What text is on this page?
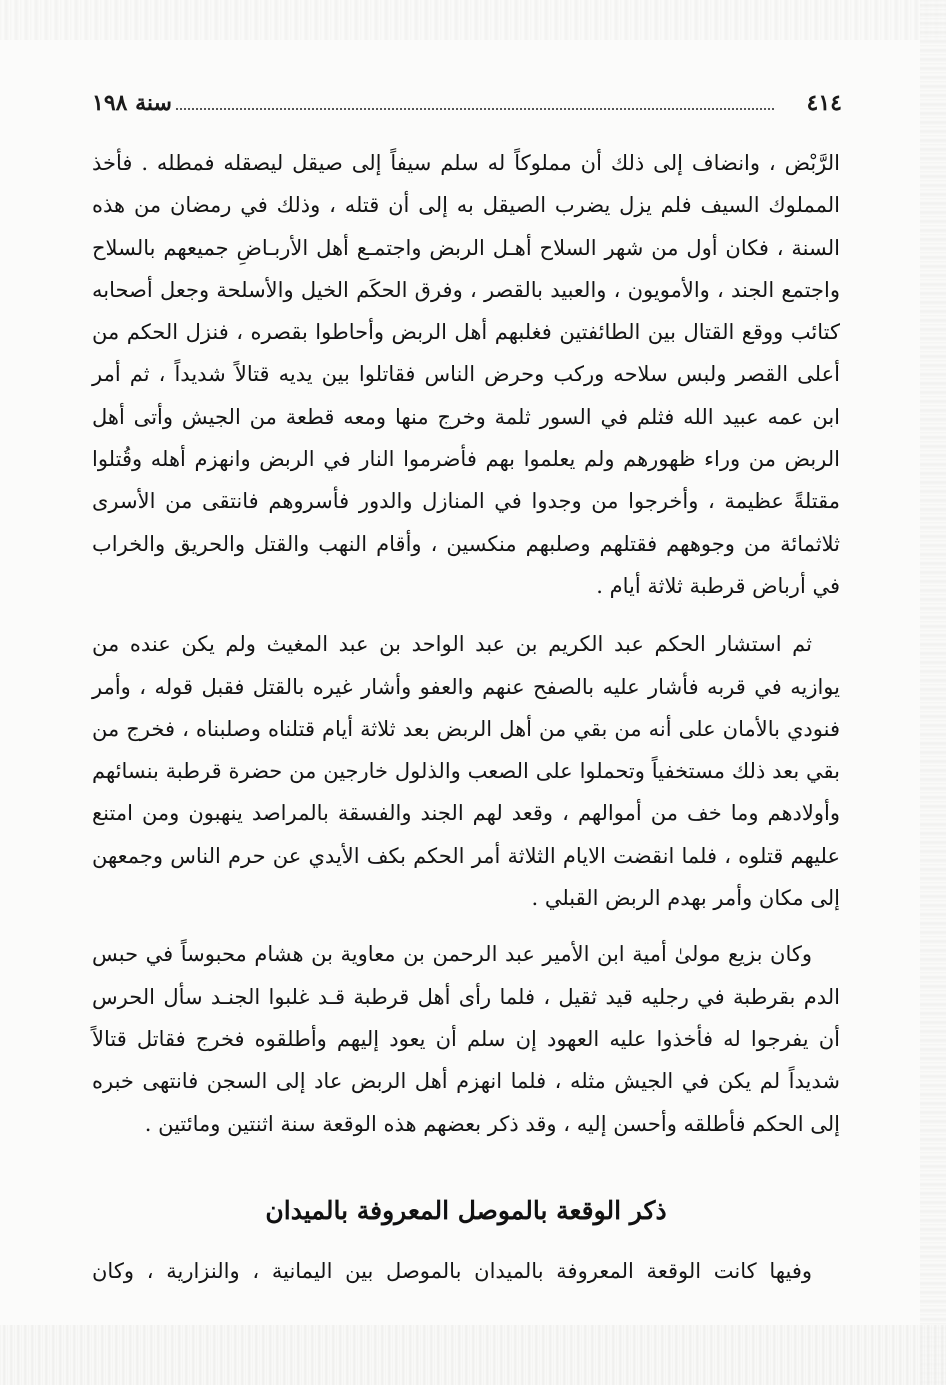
٤١٤
سنة ١٩٨

الرَّبْض ، وانضاف إلى ذلك أن مملوكاً له سلم سيفاً إلى صيقل ليصقله فمطله . فأخذ المملوك السيف فلم يزل يضرب الصيقل به إلى أن قتله ، وذلك في رمضان من هذه السنة ، فكان أول من شهر السلاح أهـل الربض واجتمـع أهل الأربـاضِ جميعهم بالسلاح واجتمع الجند ، والأمويون ، والعبيد بالقصر ، وفرق الحكَم الخيل والأسلحة وجعل أصحابه كتائب ووقع القتال بين الطائفتين فغلبهم أهل الربض وأحاطوا بقصره ، فنزل الحكم من أعلى القصر ولبس سلاحه وركب وحرض الناس فقاتلوا بين يديه قتالاً شديداً ، ثم أمر ابن عمه عبيد الله فثلم في السور ثلمة وخرج منها ومعه قطعة من الجيش وأتى أهل الربض من وراء ظهورهم ولم يعلموا بهم فأضرموا النار في الربض وانهزم أهله وقُتلوا مقتلةً عظيمة ، وأخرجوا من وجدوا في المنازل والدور فأسروهم فانتقى من الأسرى ثلاثمائة من وجوههم فقتلهم وصلبهم منكسين ، وأقام النهب والقتل والحريق والخراب في أرباض قرطبة ثلاثة أيام .

ثم استشار الحكم عبد الكريم بن عبد الواحد بن عبد المغيث ولم يكن عنده من يوازيه في قربه فأشار عليه بالصفح عنهم والعفو وأشار غيره بالقتل فقبل قوله ، وأمر فنودي بالأمان على أنه من بقي من أهل الربض بعد ثلاثة أيام قتلناه وصلبناه ، فخرج من بقي بعد ذلك مستخفياً وتحملوا على الصعب والذلول خارجين من حضرة قرطبة بنسائهم وأولادهم وما خف من أموالهم ، وقعد لهم الجند والفسقة بالمراصد ينهبون ومن امتنع عليهم قتلوه ، فلما انقضت الايام الثلاثة أمر الحكم بكف الأيدي عن حرم الناس وجمعهن إلى مكان وأمر بهدم الربض القبلي .

وكان بزيع مولىٰ أمية ابن الأمير عبد الرحمن بن معاوية بن هشام محبوساً في حبس الدم بقرطبة في رجليه قيد ثقيل ، فلما رأى أهل قرطبة قـد غلبوا الجنـد سأل الحرس أن يفرجوا له فأخذوا عليه العهود إن سلم أن يعود إليهم وأطلقوه فخرج فقاتل قتالاً شديداً لم يكن في الجيش مثله ، فلما انهزم أهل الربض عاد إلى السجن فانتهى خبره إلى الحكم فأطلقه وأحسن إليه ، وقد ذكر بعضهم هذه الوقعة سنة اثنتين ومائتين .

ذكر الوقعة بالموصل المعروفة بالميدان

وفيها كانت الوقعة المعروفة بالميدان بالموصل بين اليمانية ، والنزارية ، وكان
